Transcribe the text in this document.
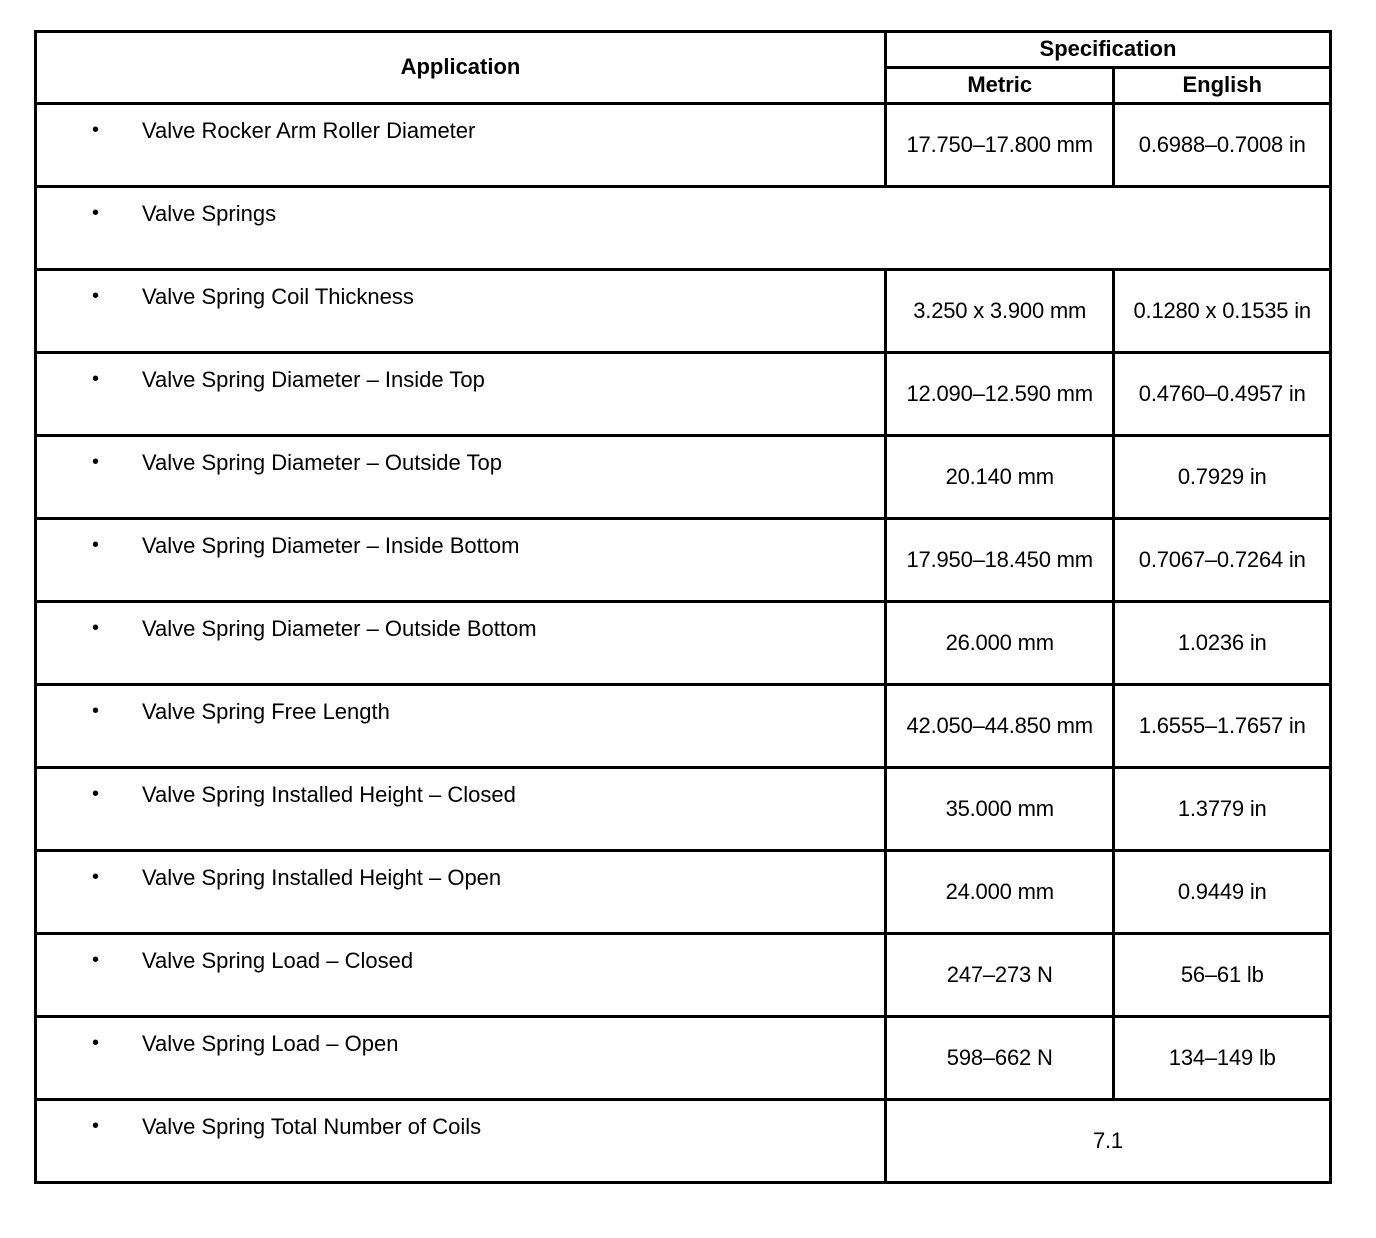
Application	Specification	
	Metric	English

• Valve Rocker Arm Roller Diameter	17.750–17.800 mm	0.6988–0.7008 in

• Valve Springs		

• Valve Spring Coil Thickness	3.250 x 3.900 mm	0.1280 x 0.1535 in

• Valve Spring Diameter – Inside Top	12.090–12.590 mm	0.4760–0.4957 in

• Valve Spring Diameter – Outside Top	20.140 mm	0.7929 in

• Valve Spring Diameter – Inside Bottom	17.950–18.450 mm	0.7067–0.7264 in

• Valve Spring Diameter – Outside Bottom	26.000 mm	1.0236 in

• Valve Spring Free Length	42.050–44.850 mm	1.6555–1.7657 in

• Valve Spring Installed Height – Closed	35.000 mm	1.3779 in

• Valve Spring Installed Height – Open	24.000 mm	0.9449 in

• Valve Spring Load – Closed	247–273 N	56–61 lb

• Valve Spring Load – Open	598–662 N	134–149 lb

• Valve Spring Total Number of Coils	7.1	
